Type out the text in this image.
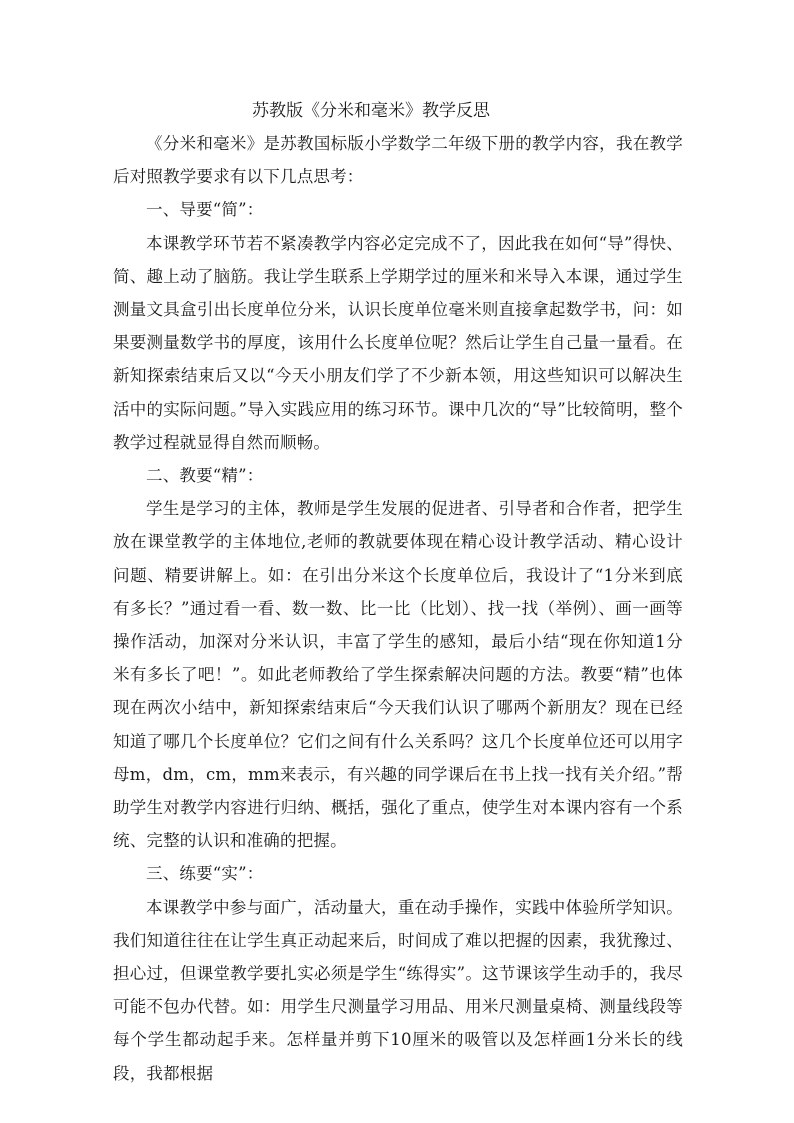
苏教版《分米和毫米》教学反思

《分米和毫米》是苏教国标版小学数学二年级下册的教学内容，我在教学后对照教学要求有以下几点思考：

一、导要“简”：

本课教学环节若不紧凑教学内容必定完成不了，因此我在如何“导”得快、简、趣上动了脑筋。我让学生联系上学期学过的厘米和米导入本课，通过学生测量文具盒引出长度单位分米，认识长度单位毫米则直接拿起数学书，问：如果要测量数学书的厚度，该用什么长度单位呢？然后让学生自己量一量看。在新知探索结束后又以“今天小朋友们学了不少新本领，用这些知识可以解决生活中的实际问题。”导入实践应用的练习环节。课中几次的“导”比较简明，整个教学过程就显得自然而顺畅。

二、教要“精”：

学生是学习的主体，教师是学生发展的促进者、引导者和合作者，把学生放在课堂教学的主体地位,老师的教就要体现在精心设计教学活动、精心设计问题、精要讲解上。如：在引出分米这个长度单位后，我设计了“1分米到底有多长？”通过看一看、数一数、比一比（比划）、找一找（举例）、画一画等操作活动，加深对分米认识，丰富了学生的感知，最后小结“现在你知道1分米有多长了吧！”。如此老师教给了学生探索解决问题的方法。教要“精”也体现在两次小结中，新知探索结束后“今天我们认识了哪两个新朋友？现在已经知道了哪几个长度单位？它们之间有什么关系吗？这几个长度单位还可以用字母m，dm，cm，mm来表示，有兴趣的同学课后在书上找一找有关介绍。”帮助学生对教学内容进行归纳、概括，强化了重点，使学生对本课内容有一个系统、完整的认识和准确的把握。

三、练要“实”：

本课教学中参与面广，活动量大，重在动手操作，实践中体验所学知识。我们知道往往在让学生真正动起来后，时间成了难以把握的因素，我犹豫过、担心过，但课堂教学要扎实必须是学生“练得实”。这节课该学生动手的，我尽可能不包办代替。如：用学生尺测量学习用品、用米尺测量桌椅、测量线段等每个学生都动起手来。怎样量并剪下10厘米的吸管以及怎样画1分米长的线段，我都根据
